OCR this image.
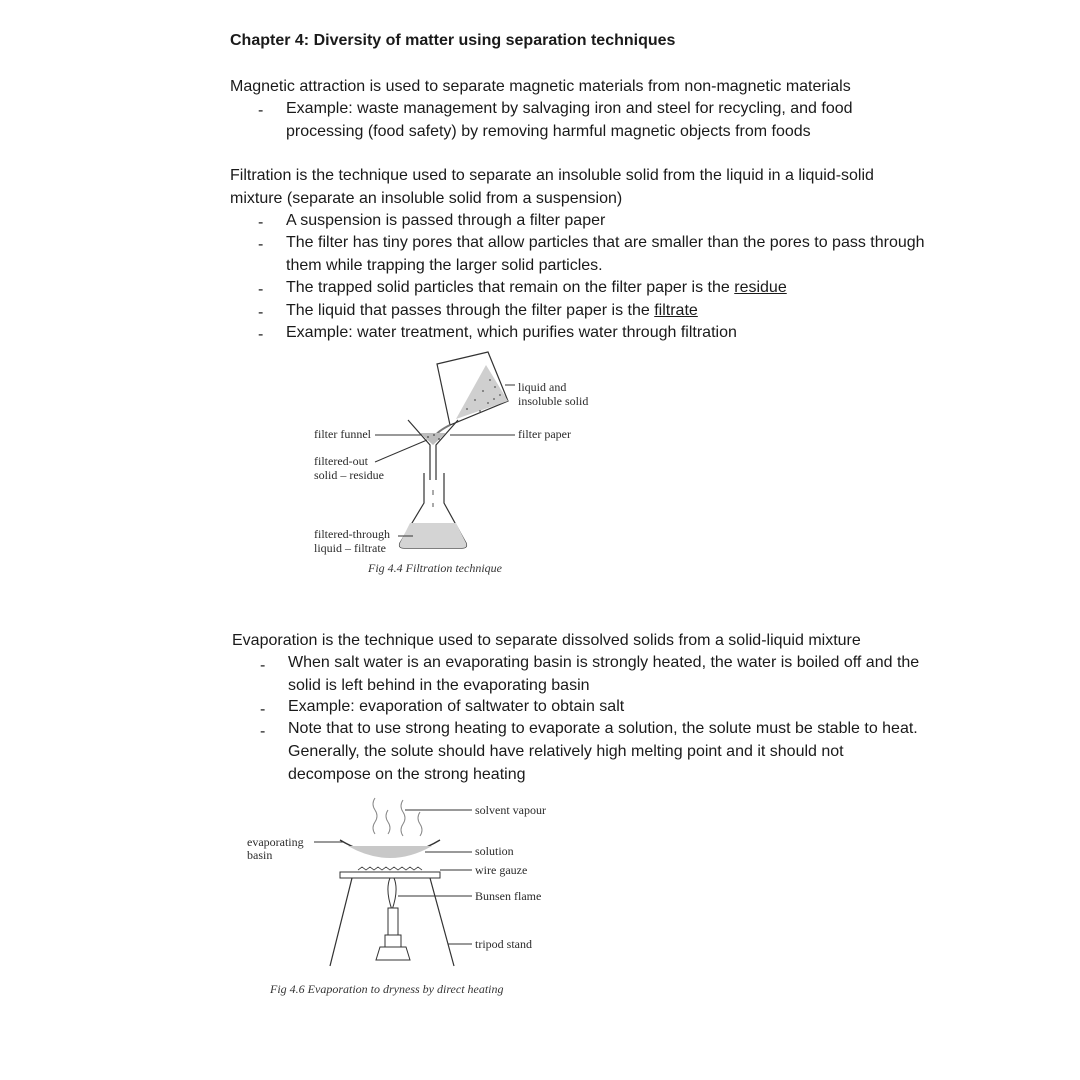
Chapter 4: Diversity of matter using separation techniques
Magnetic attraction is used to separate magnetic materials from non-magnetic materials
- Example: waste management by salvaging iron and steel for recycling, and food processing (food safety) by removing harmful magnetic objects from foods
Filtration is the technique used to separate an insoluble solid from the liquid in a liquid-solid mixture (separate an insoluble solid from a suspension)
- A suspension is passed through a filter paper
- The filter has tiny pores that allow particles that are smaller than the pores to pass through them while trapping the larger solid particles.
- The trapped solid particles that remain on the filter paper is the residue
- The liquid that passes through the filter paper is the filtrate
- Example: water treatment, which purifies water through filtration
liquid and
insoluble solid
filter paper
filter funnel
filtered-out
solid – residue
filtered-through
liquid – filtrate
Fig 4.4 Filtration technique
Evaporation is the technique used to separate dissolved solids from a solid-liquid mixture
- When salt water is an evaporating basin is strongly heated, the water is boiled off and the solid is left behind in the evaporating basin
- Example: evaporation of saltwater to obtain salt
- Note that to use strong heating to evaporate a solution, the solute must be stable to heat. Generally, the solute should have relatively high melting point and it should not decompose on the strong heating
solvent vapour
evaporating
basin	solution
wire gauze
Bunsen flame
tripod stand
Fig 4.6 Evaporation to dryness by direct heating
